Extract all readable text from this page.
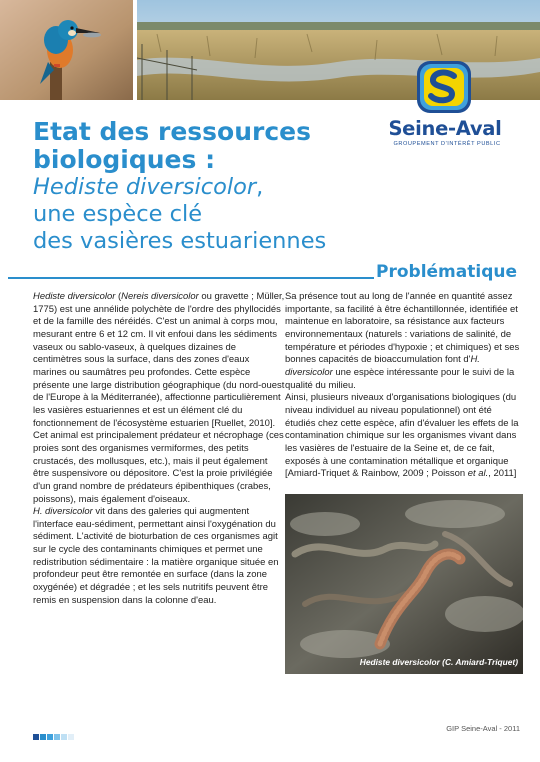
Seine-Aval
GROUPEMENT D'INTÉRÊT PUBLIC
Etat des ressources
biologiques :
Hediste diversicolor,
une espèce clé
des vasières estuariennes
Problématique

Hediste diversicolor (Nereis diversicolor ou gravette ; Müller, 1775) est une annélide polychète de l'ordre des phyllocidés et de la famille des néréidés. C'est un animal à corps mou, mesurant entre 6 et 12 cm. Il vit enfoui dans les sédiments vaseux ou sablo-vaseux, à quelques dizaines de centimètres sous la surface, dans des zones d'eaux marines ou saumâtres peu profondes. Cette espèce présente une large distribution géographique (du nord-ouest de l'Europe à la Méditerranée), affectionne particulièrement les vasières estuariennes et est un élément clé du fonctionnement de l'écosystème estuarien [Ruellet, 2010].

Cet animal est principalement prédateur et nécrophage (ces proies sont des organismes vermiformes, des petits crustacés, des mollusques, etc.), mais il peut également être suspensivore ou dépositore. C'est la proie privilégiée d'un grand nombre de prédateurs épibenthiques (crabes, poissons), mais également d'oiseaux.

H. diversicolor vit dans des galeries qui augmentent l'interface eau-sédiment, permettant ainsi l'oxygénation du sédiment. L'activité de bioturbation de ces organismes agit sur le cycle des contaminants chimiques et permet une redistribution sédimentaire : la matière organique située en profondeur peut être remontée en surface (dans la zone oxygénée) et dégradée ; et les sels nutritifs peuvent être remis en suspension dans la colonne d'eau.

Sa présence tout au long de l'année en quantité assez importante, sa facilité à être échantillonnée, identifiée et maintenue en laboratoire, sa résistance aux facteurs environnementaux (naturels : variations de salinité, de température et périodes d'hypoxie ; et chimiques) et ses bonnes capacités de bioaccumulation font d'H. diversicolor une espèce intéressante pour le suivi de la qualité du milieu.

Ainsi, plusieurs niveaux d'organisations biologiques (du niveau individuel au niveau populationnel) ont été étudiés chez cette espèce, afin d'évaluer les effets de la contamination chimique sur les organismes vivant dans les vasières de l'estuaire de la Seine et, de ce fait, exposés à une contamination métallique et organique [Amiard-Triquet & Rainbow, 2009 ; Poisson et al., 2011]

Hediste diversicolor (C. Amiard-Triquet)
GIP Seine-Aval - 2011
